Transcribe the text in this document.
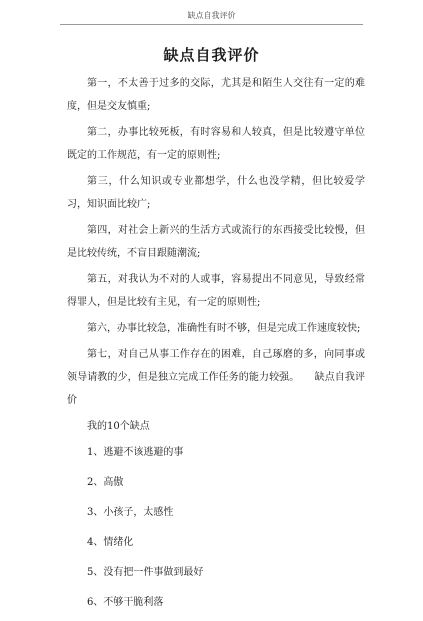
缺点自我评价
缺点自我评价

第一，不太善于过多的交际，尤其是和陌生人交往有一定的难度，但是交友慎重;

第二，办事比较死板，有时容易和人较真，但是比较遵守单位既定的工作规范，有一定的原则性;

第三，什么知识或专业都想学，什么也没学精，但比较爱学习，知识面比较广;

第四，对社会上新兴的生活方式或流行的东西接受比较慢，但是比较传统，不盲目跟随潮流;

第五，对我认为不对的人或事，容易提出不同意见，导致经常得罪人，但是比较有主见，有一定的原则性;

第六，办事比较急，准确性有时不够，但是完成工作速度较快;

第七，对自己从事工作存在的困难，自己琢磨的多，向同事或领导请教的少，但是独立完成工作任务的能力较强。　　缺点自我评价

我的10个缺点

1、逃避不该逃避的事

2、高傲

3、小孩子，太感性

4、情绪化

5、没有把一件事做到最好

6、不够干脆利落
